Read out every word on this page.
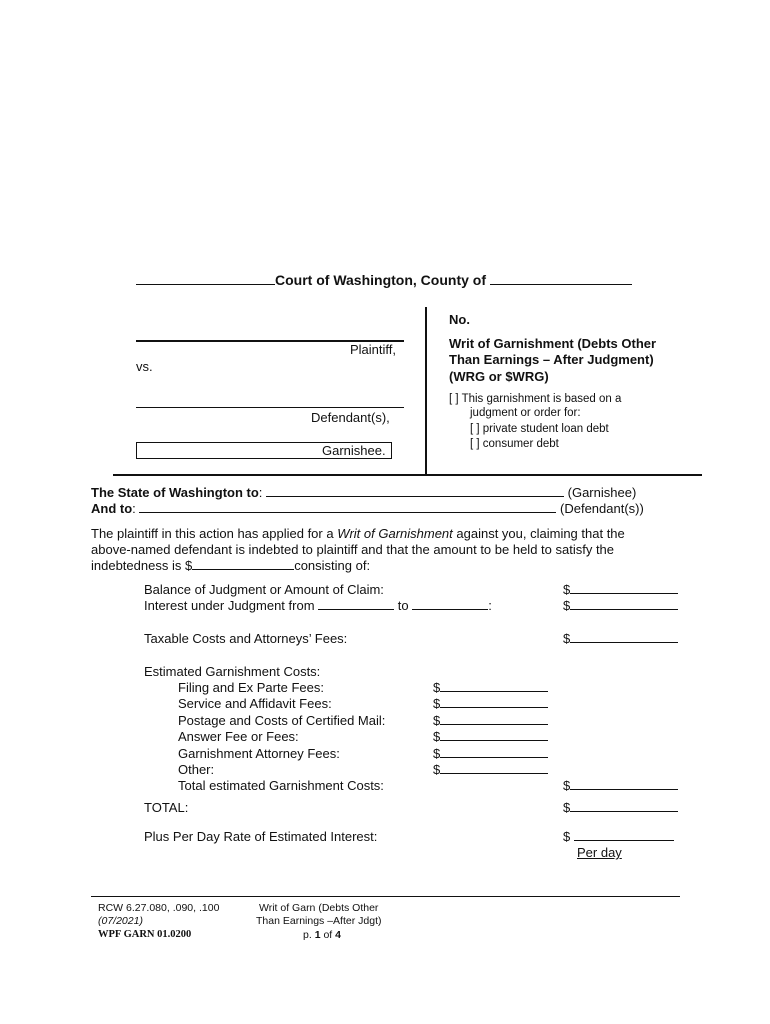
Court of Washington, County of
Plaintiff,
vs.
Defendant(s),
Garnishee.
No.
Writ of Garnishment (Debts Other
Than Earnings – After Judgment)
(WRG or $WRG)
[ ] This garnishment is based on a
judgment or order for:
[ ] private student loan debt
[ ] consumer debt
The State of Washington to:	(Garnishee)
And to:	(Defendant(s))
The plaintiff in this action has applied for a Writ of Garnishment against you, claiming that the
above-named defendant is indebted to plaintiff and that the amount to be held to satisfy the
indebtedness is $	consisting of:
Balance of Judgment or Amount of Claim:	$
Interest under Judgment from	to	:	$
Taxable Costs and Attorneys’ Fees:	$
Estimated Garnishment Costs:
Filing and Ex Parte Fees:	$
Service and Affidavit Fees:	$
Postage and Costs of Certified Mail:	$
Answer Fee or Fees:	$
Garnishment Attorney Fees:	$
Other:	$
Total estimated Garnishment Costs:	$
TOTAL:	$
Plus Per Day Rate of Estimated Interest:	$
Per day
RCW 6.27.080, .090, .100
(07/2021)
WPF GARN 01.0200
Writ of Garn (Debts Other
Than Earnings –After Jdgt)
p. 1 of 4
